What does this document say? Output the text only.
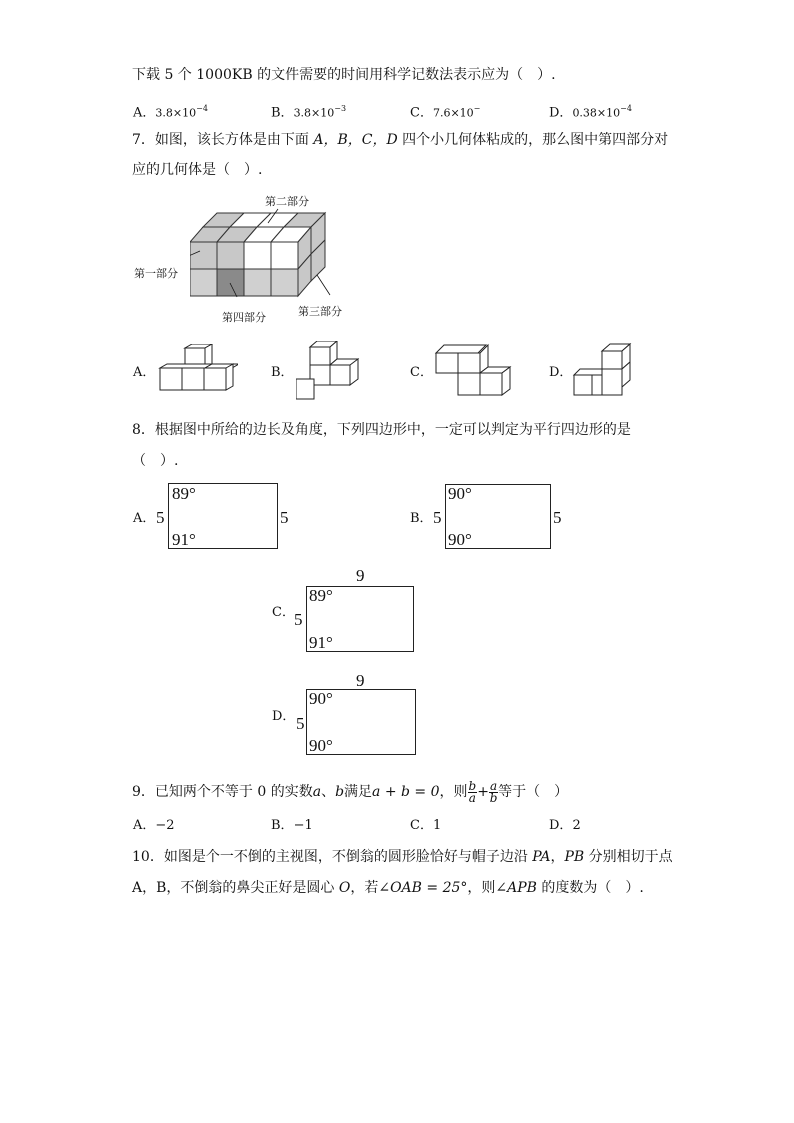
下载 5 个 1000KB 的文件需要的时间用科学记数法表示应为（　）.
A．$3.8\times 10^{-4}$	B．$3.8\times 10^{-3}$	C．7.6×10−	D．$0.38\times 10^{-4}$
7．如图，该长方体是由下面 A，B，C，D 四个小几何体粘成的，那么图中第四部分对
应的几何体是（　）.
第二部分
第一部分
第四部分	第三部分
A．	B．	C．	D．
8．根据图中所给的边长及角度，下列四边形中，一定可以判定为平行四边形的是
（　）.
A． 5
89°
91°
5	B． 5
90°
90°
5
9
C． 5
89°
91°
9
D． 5
90°
90°
9．已知两个不等于 0 的实数a、b满足a + b = 0，则 $\frac{b}{a} + \frac{a}{b}$ 等于（　）
A．−2	B．−1	C．1	D．2
10．如图是个一不倒的主视图，不倒翁的圆形脸恰好与帽子边沿 PA，PB 分别相切于点
A，B，不倒翁的鼻尖正好是圆心 O，若∠OAB = 25°，则∠APB 的度数为（　）.
